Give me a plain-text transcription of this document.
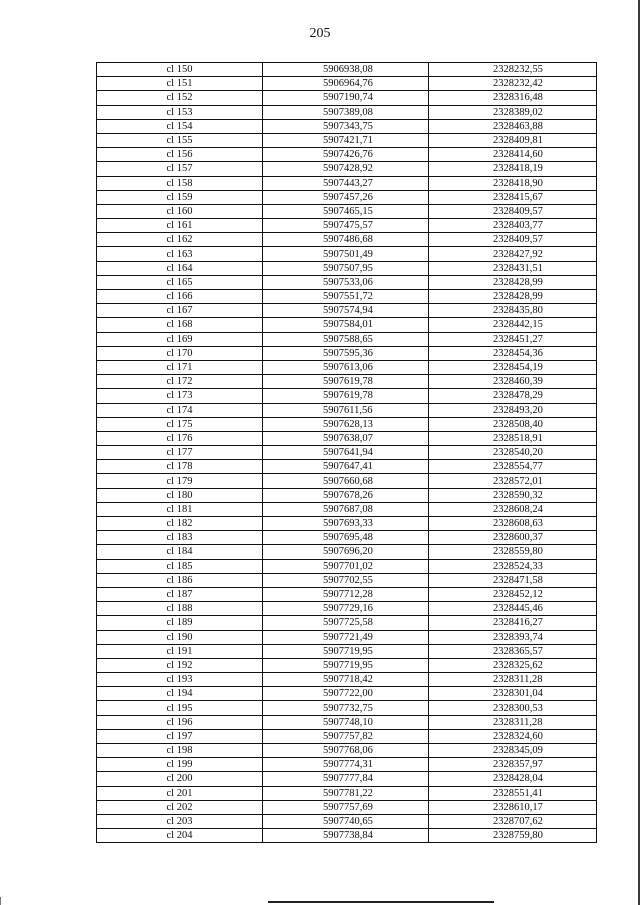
205
cl 150	5906938,08	2328232,55
cl 151	5906964,76	2328232,42
cl 152	5907190,74	2328316,48
cl 153	5907389,08	2328389,02
cl 154	5907343,75	2328463,88
cl 155	5907421,71	2328409,81
cl 156	5907426,76	2328414,60
cl 157	5907428,92	2328418,19
cl 158	5907443,27	2328418,90
cl 159	5907457,26	2328415,67
cl 160	5907465,15	2328409,57
cl 161	5907475,57	2328403,77
cl 162	5907486,68	2328409,57
cl 163	5907501,49	2328427,92
cl 164	5907507,95	2328431,51
cl 165	5907533,06	2328428,99
cl 166	5907551,72	2328428,99
cl 167	5907574,94	2328435,80
cl 168	5907584,01	2328442,15
cl 169	5907588,65	2328451,27
cl 170	5907595,36	2328454,36
cl 171	5907613,06	2328454,19
cl 172	5907619,78	2328460,39
cl 173	5907619,78	2328478,29
cl 174	5907611,56	2328493,20
cl 175	5907628,13	2328508,40
cl 176	5907638,07	2328518,91
cl 177	5907641,94	2328540,20
cl 178	5907647,41	2328554,77
cl 179	5907660,68	2328572,01
cl 180	5907678,26	2328590,32
cl 181	5907687,08	2328608,24
cl 182	5907693,33	2328608,63
cl 183	5907695,48	2328600,37
cl 184	5907696,20	2328559,80
cl 185	5907701,02	2328524,33
cl 186	5907702,55	2328471,58
cl 187	5907712,28	2328452,12
cl 188	5907729,16	2328445,46
cl 189	5907725,58	2328416,27
cl 190	5907721,49	2328393,74
cl 191	5907719,95	2328365,57
cl 192	5907719,95	2328325,62
cl 193	5907718,42	2328311,28
cl 194	5907722,00	2328301,04
cl 195	5907732,75	2328300,53
cl 196	5907748,10	2328311,28
cl 197	5907757,82	2328324,60
cl 198	5907768,06	2328345,09
cl 199	5907774,31	2328357,97
cl 200	5907777,84	2328428,04
cl 201	5907781,22	2328551,41
cl 202	5907757,69	2328610,17
cl 203	5907740,65	2328707,62
cl 204	5907738,84	2328759,80
